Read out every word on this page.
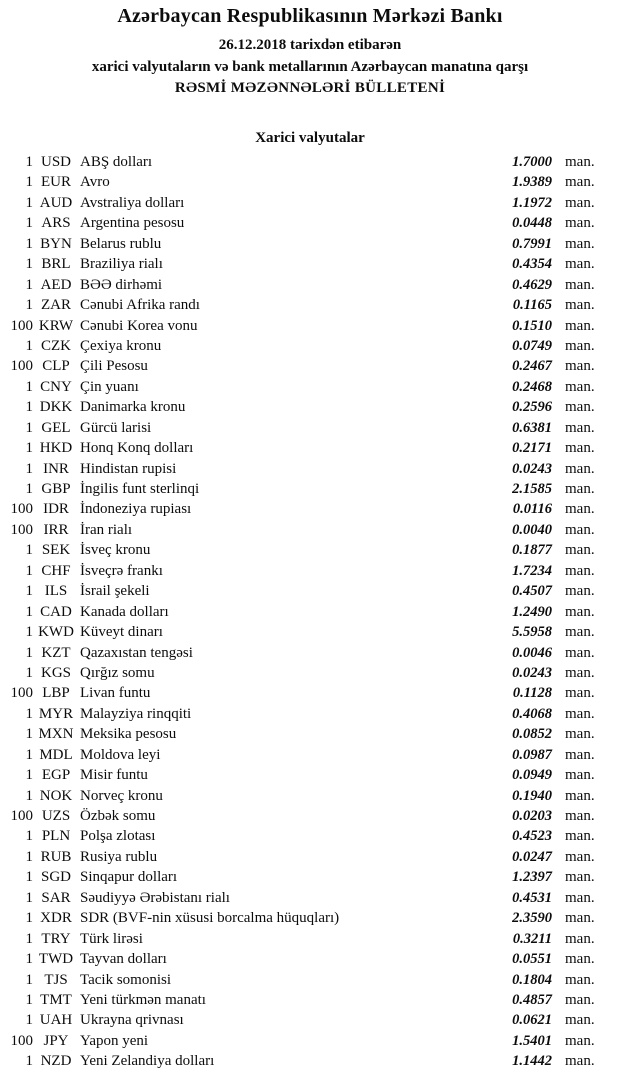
Azərbaycan Respublikasının Mərkəzi Bankı
26.12.2018 tarixdən etibarən
xarici valyutaların və bank metallarının Azərbaycan manatına qarşı
RƏSMİ MƏZƏNNƏLƏRİ BÜLLETENİ
Xarici valyutalar
1 USD ABŞ dolları	1.7000 man.
1 EUR Avro	1.9389 man.
1 AUD Avstraliya dolları	1.1972 man.
1 ARS Argentina pesosu	0.0448 man.
1 BYN Belarus rublu	0.7991 man.
1 BRL Braziliya rialı	0.4354 man.
1 AED BƏƏ dirhəmi	0.4629 man.
1 ZAR Cənubi Afrika randı	0.1165 man.
100 KRW Cənubi Korea vonu	0.1510 man.
1 CZK Çexiya kronu	0.0749 man.
100 CLP Çili Pesosu	0.2467 man.
1 CNY Çin yuanı	0.2468 man.
1 DKK Danimarka kronu	0.2596 man.
1 GEL Gürcü larisi	0.6381 man.
1 HKD Honq Konq dolları	0.2171 man.
1 INR Hindistan rupisi	0.0243 man.
1 GBP İngilis funt sterlinqi	2.1585 man.
100 IDR İndoneziya rupiası	0.0116 man.
100 IRR İran rialı	0.0040 man.
1 SEK İsveç kronu	0.1877 man.
1 CHF İsveçrə frankı	1.7234 man.
1 ILS İsrail şekeli	0.4507 man.
1 CAD Kanada dolları	1.2490 man.
1 KWD Küveyt dinarı	5.5958 man.
1 KZT Qazaxıstan tengəsi	0.0046 man.
1 KGS Qırğız somu	0.0243 man.
100 LBP Livan funtu	0.1128 man.
1 MYR Malayziya rinqqiti	0.4068 man.
1 MXN Meksika pesosu	0.0852 man.
1 MDL Moldova leyi	0.0987 man.
1 EGP Misir funtu	0.0949 man.
1 NOK Norveç kronu	0.1940 man.
100 UZS Özbək somu	0.0203 man.
1 PLN Polşa zlotası	0.4523 man.
1 RUB Rusiya rublu	0.0247 man.
1 SGD Sinqapur dolları	1.2397 man.
1 SAR Səudiyyə Ərəbistanı rialı	0.4531 man.
1 XDR SDR (BVF-nin xüsusi borcalma hüquqları)	2.3590 man.
1 TRY Türk lirəsi	0.3211 man.
1 TWD Tayvan dolları	0.0551 man.
1 TJS Tacik somonisi	0.1804 man.
1 TMT Yeni türkmən manatı	0.4857 man.
1 UAH Ukrayna qrivnası	0.0621 man.
100 JPY Yapon yeni	1.5401 man.
1 NZD Yeni Zelandiya dolları	1.1442 man.
